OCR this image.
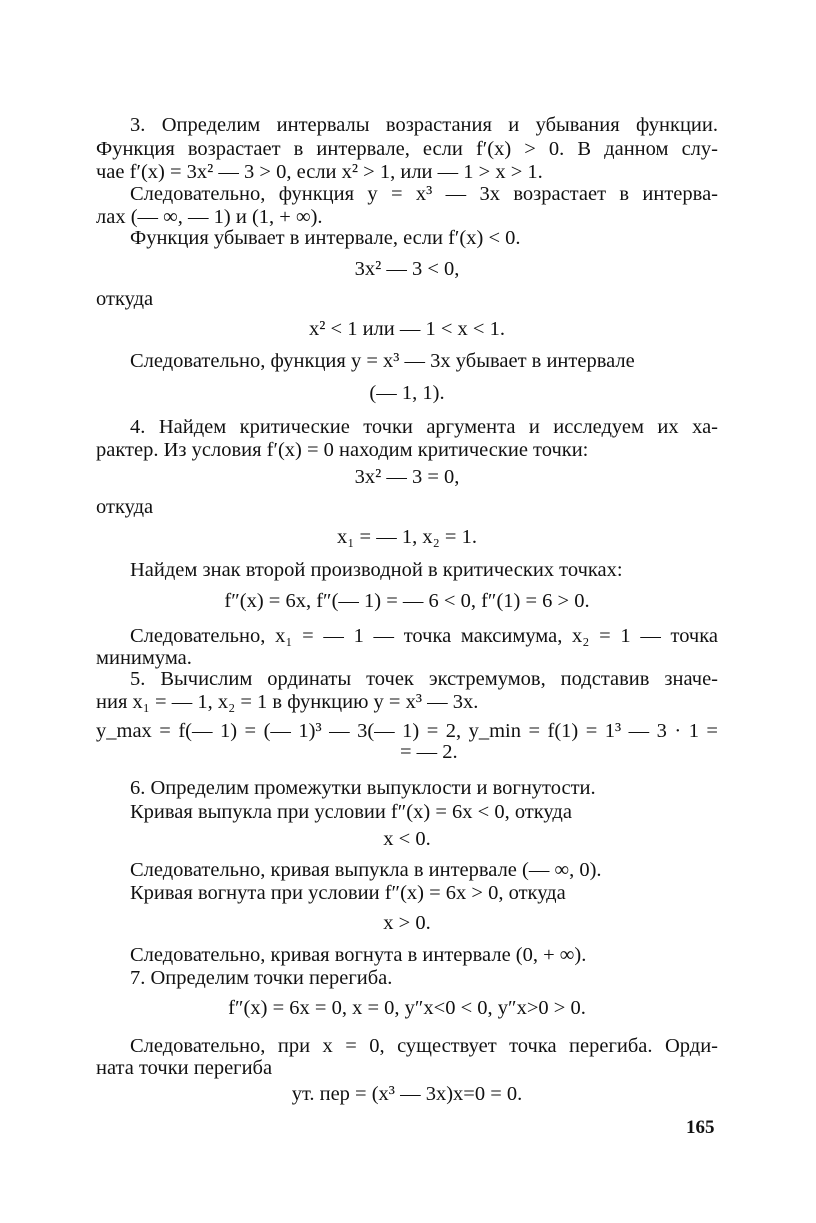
3. Определим интервалы возрастания и убывания функции.

Функция возрастает в интервале, если f′(x) > 0. В данном слу-

чае f′(x) = 3x² — 3 > 0, если x² > 1, или — 1 > x > 1.

Следовательно, функция y = x³ — 3x возрастает в интерва-

лах (— ∞, — 1) и (1, + ∞).

Функция убывает в интервале, если f′(x) < 0.

3x² — 3 < 0,

откуда

x² < 1 или — 1 < x < 1.

Следовательно, функция y = x³ — 3x убывает в интервале

(— 1, 1).

4. Найдем критические точки аргумента и исследуем их ха-

рактер. Из условия f′(x) = 0 находим критические точки:

3x² — 3 = 0,

откуда

x₁ = — 1, x₂ = 1.

Найдем знак второй производной в критических точках:

f″(x) = 6x, f″(— 1) = — 6 < 0, f″(1) = 6 > 0.

Следовательно, x₁ = — 1 — точка максимума, x₂ = 1 — точка

минимума.

5. Вычислим ординаты точек экстремумов, подставив значе-

ния x₁ = — 1, x₂ = 1 в функцию y = x³ — 3x.

y_max = f(— 1) = (— 1)³ — 3(— 1) = 2, y_min = f(1) = 1³ — 3 · 1 =

= — 2.

6. Определим промежутки выпуклости и вогнутости.

Кривая выпукла при условии f″(x) = 6x < 0, откуда

x < 0.

Следовательно, кривая выпукла в интервале (— ∞, 0).

Кривая вогнута при условии f″(x) = 6x > 0, откуда

x > 0.

Следовательно, кривая вогнута в интервале (0, + ∞).

7. Определим точки перегиба.

f″(x) = 6x = 0, x = 0, y″x<0 < 0, y″x>0 > 0.

Следовательно, при x = 0, существует точка перегиба. Орди-

ната точки перегиба

yт. пер = (x³ — 3x)x=0 = 0.

165
